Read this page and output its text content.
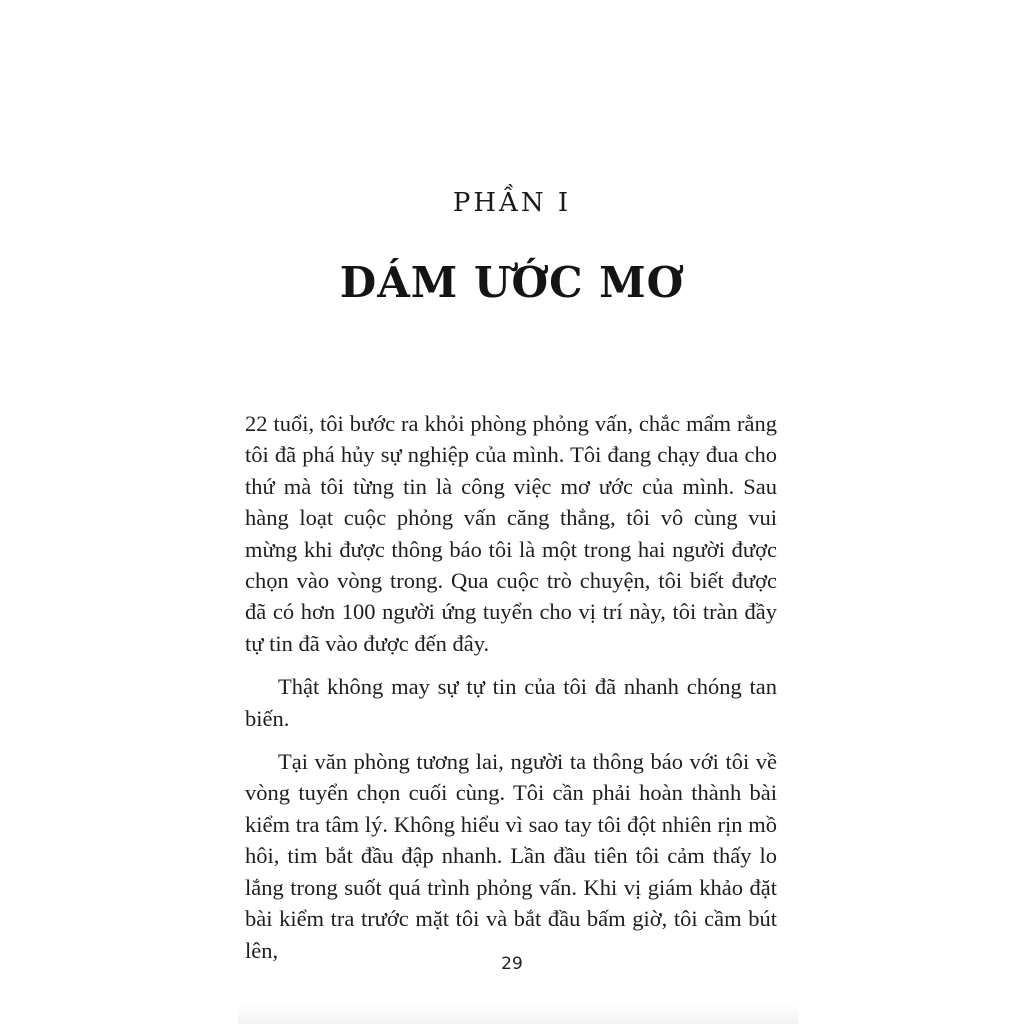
PHẦN I
DÁM ƯỚC MƠ

22 tuổi, tôi bước ra khỏi phòng phỏng vấn, chắc mẩm rằng tôi đã phá hủy sự nghiệp của mình. Tôi đang chạy đua cho thứ mà tôi từng tin là công việc mơ ước của mình. Sau hàng loạt cuộc phỏng vấn căng thẳng, tôi vô cùng vui mừng khi được thông báo tôi là một trong hai người được chọn vào vòng trong. Qua cuộc trò chuyện, tôi biết được đã có hơn 100 người ứng tuyển cho vị trí này, tôi tràn đầy tự tin đã vào được đến đây.

Thật không may sự tự tin của tôi đã nhanh chóng tan biến.

Tại văn phòng tương lai, người ta thông báo với tôi về vòng tuyển chọn cuối cùng. Tôi cần phải hoàn thành bài kiểm tra tâm lý. Không hiểu vì sao tay tôi đột nhiên rịn mồ hôi, tim bắt đầu đập nhanh. Lần đầu tiên tôi cảm thấy lo lắng trong suốt quá trình phỏng vấn. Khi vị giám khảo đặt bài kiểm tra trước mặt tôi và bắt đầu bấm giờ, tôi cầm bút lên,

29
